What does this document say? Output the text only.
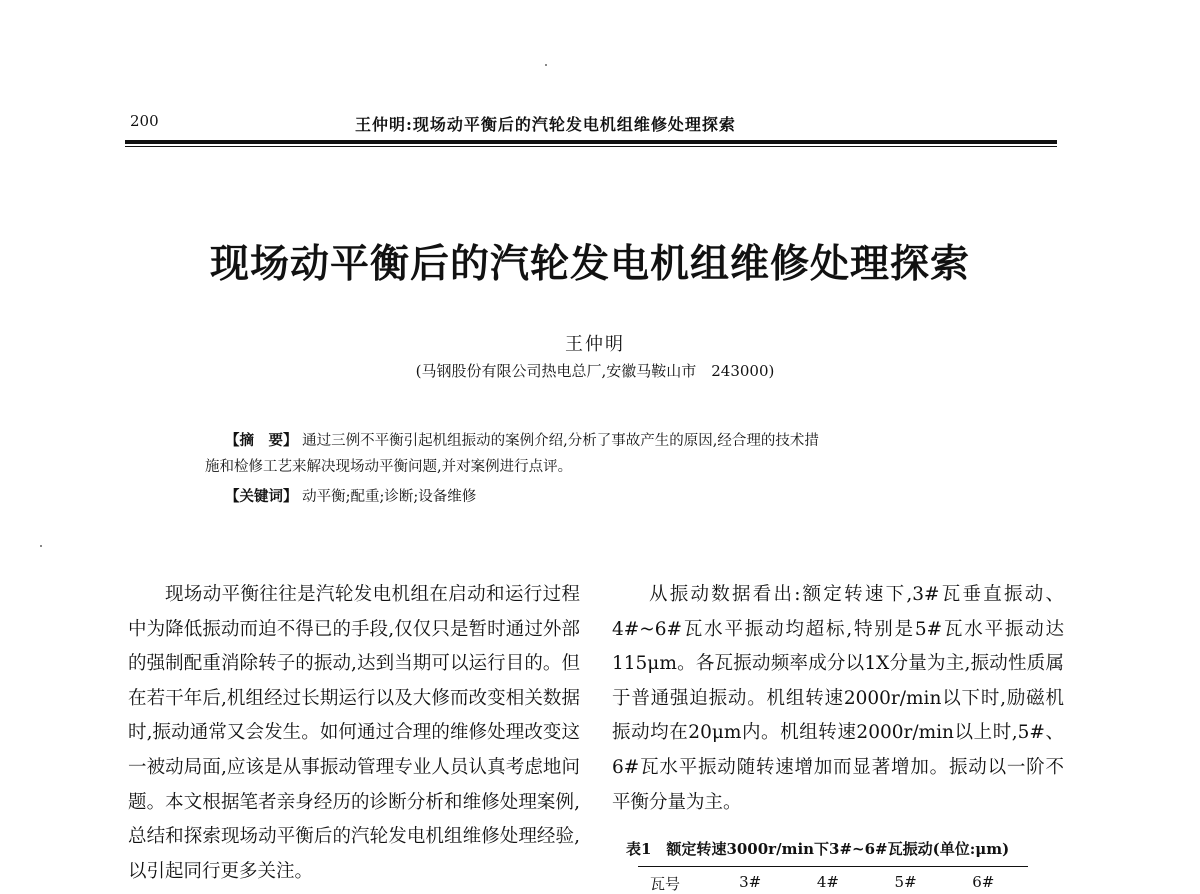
200	王仲明:现场动平衡后的汽轮发电机组维修处理探索
现场动平衡后的汽轮发电机组维修处理探索
王仲明
(马钢股份有限公司热电总厂,安徽马鞍山市　243000)

【摘　要】 通过三例不平衡引起机组振动的案例介绍,分析了事故产生的原因,经合理的技术措

施和检修工艺来解决现场动平衡问题,并对案例进行点评。

【关键词】 动平衡;配重;诊断;设备维修

现场动平衡往往是汽轮发电机组在启动和运行过程中为降低振动而迫不得已的手段,仅仅只是暂时通过外部的强制配重消除转子的振动,达到当期可以运行目的。但在若干年后,机组经过长期运行以及大修而改变相关数据时,振动通常又会发生。如何通过合理的维修处理改变这一被动局面,应该是从事振动管理专业人员认真考虑地问题。本文根据笔者亲身经历的诊断分析和维修处理案例,总结和探索现场动平衡后的汽轮发电机组维修处理经验,以引起同行更多关注。

从振动数据看出:额定转速下,3#瓦垂直振动、4#~6#瓦水平振动均超标,特别是5#瓦水平振动达115μm。各瓦振动频率成分以1X分量为主,振动性质属于普通强迫振动。机组转速2000r/min以下时,励磁机振动均在20μm内。机组转速2000r/min以上时,5#、6#瓦水平振动随转速增加而显著增加。振动以一阶不平衡分量为主。

表1　额定转速3000r/min下3#~6#瓦振动(单位:μm)
瓦号	3#	4#	5#	6#
